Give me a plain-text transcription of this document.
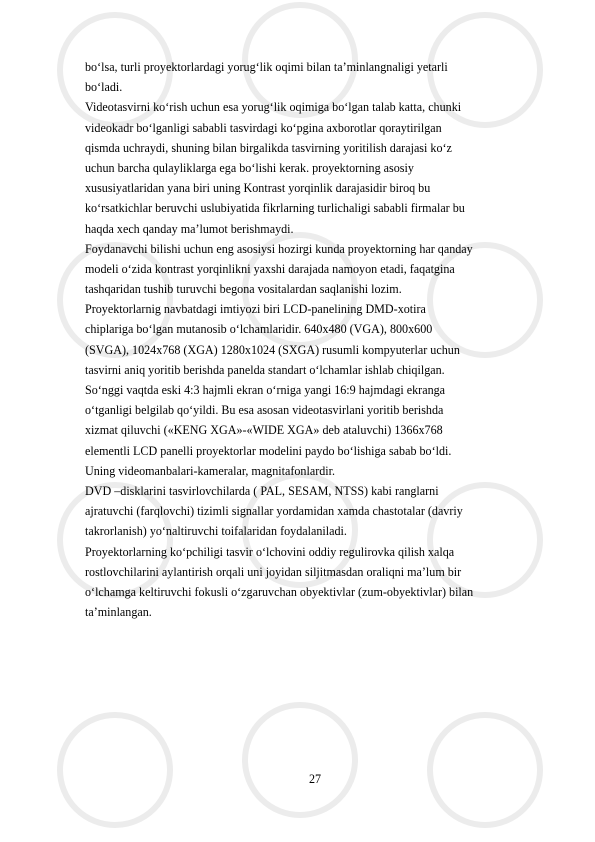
bo‘lsa, turli proyektorlardagi yorug‘lik oqimi bilan ta’minlangnaligi yetarli
bo‘ladi.
Videotasvirni ko‘rish uchun esa yorug‘lik oqimiga bo‘lgan talab katta, chunki
videokadr bo‘lganligi sababli tasvirdagi ko‘pgina axborotlar qoraytirilgan
qismda uchraydi, shuning bilan birgalikda tasvirning yoritilish darajasi ko‘z
uchun barcha qulayliklarga ega bo‘lishi kerak. proyektorning asosiy
xususiyatlaridan yana biri uning Kontrast yorqinlik darajasidir biroq bu
ko‘rsatkichlar beruvchi uslubiyatida fikrlarning turlichaligi sababli firmalar bu
haqda xech qanday ma’lumot berishmaydi.
Foydanavchi bilishi uchun eng asosiysi hozirgi kunda proyektorning har qanday
modeli o‘zida kontrast yorqinlikni yaxshi darajada namoyon etadi, faqatgina
tashqaridan tushib turuvchi begona vositalardan saqlanishi lozim.
Proyektorlarnig navbatdagi imtiyozi biri LCD-panelining DMD-xotira
chiplariga bo‘lgan mutanosib o‘lchamlaridir. 640x480 (VGA), 800x600
(SVGA), 1024x768 (XGA) 1280x1024 (SXGA) rusumli kompyuterlar uchun
tasvirni aniq yoritib berishda panelda standart o‘lchamlar ishlab chiqilgan.
So‘nggi vaqtda eski 4:3 hajmli ekran o‘rniga yangi 16:9 hajmdagi ekranga
o‘tganligi belgilab qo‘yildi. Bu esa asosan videotasvirlani yoritib berishda
xizmat qiluvchi («KENG XGA»-«WIDE XGA» deb ataluvchi) 1366x768
elementli LCD panelli proyektorlar modelini paydo bo‘lishiga sabab bo‘ldi.
Uning videomanbalari-kameralar, magnitafonlardir.
DVD –disklarini tasvirlovchilarda ( PAL, SESAM, NTSS) kabi ranglarni
ajratuvchi (farqlovchi) tizimli signallar yordamidan xamda chastotalar (davriy
takrorlanish) yo‘naltiruvchi toifalaridan foydalaniladi.
Proyektorlarning ko‘pchiligi tasvir o‘lchovini oddiy regulirovka qilish xalqa
rostlovchilarini aylantirish orqali uni joyidan siljitmasdan oraliqni ma’lum bir
o‘lchamga keltiruvchi fokusli o‘zgaruvchan obyektivlar (zum-obyektivlar) bilan
ta’minlangan.
27
